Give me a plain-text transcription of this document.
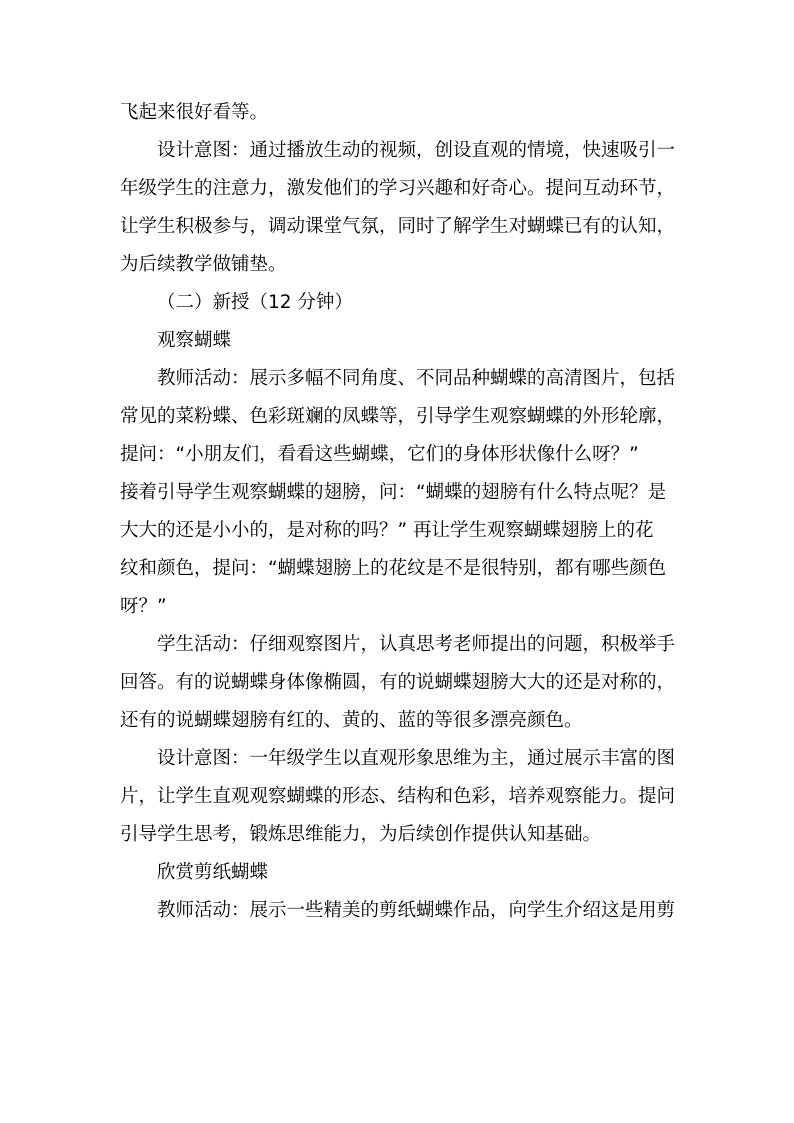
飞起来很好看等。
设计意图：通过播放生动的视频，创设直观的情境，快速吸引一
年级学生的注意力，激发他们的学习兴趣和好奇心。提问互动环节，
让学生积极参与，调动课堂气氛，同时了解学生对蝴蝶已有的认知，
为后续教学做铺垫。
（二）新授（12 分钟）
观察蝴蝶
教师活动：展示多幅不同角度、不同品种蝴蝶的高清图片，包括
常见的菜粉蝶、色彩斑斓的凤蝶等，引导学生观察蝴蝶的外形轮廓，
提问：“小朋友们，看看这些蝴蝶，它们的身体形状像什么呀？”
接着引导学生观察蝴蝶的翅膀，问：“蝴蝶的翅膀有什么特点呢？是
大大的还是小小的，是对称的吗？” 再让学生观察蝴蝶翅膀上的花
纹和颜色，提问：“蝴蝶翅膀上的花纹是不是很特别，都有哪些颜色
呀？”
学生活动：仔细观察图片，认真思考老师提出的问题，积极举手
回答。有的说蝴蝶身体像椭圆，有的说蝴蝶翅膀大大的还是对称的，
还有的说蝴蝶翅膀有红的、黄的、蓝的等很多漂亮颜色。
设计意图：一年级学生以直观形象思维为主，通过展示丰富的图
片，让学生直观观察蝴蝶的形态、结构和色彩，培养观察能力。提问
引导学生思考，锻炼思维能力，为后续创作提供认知基础。
欣赏剪纸蝴蝶
教师活动：展示一些精美的剪纸蝴蝶作品，向学生介绍这是用剪
